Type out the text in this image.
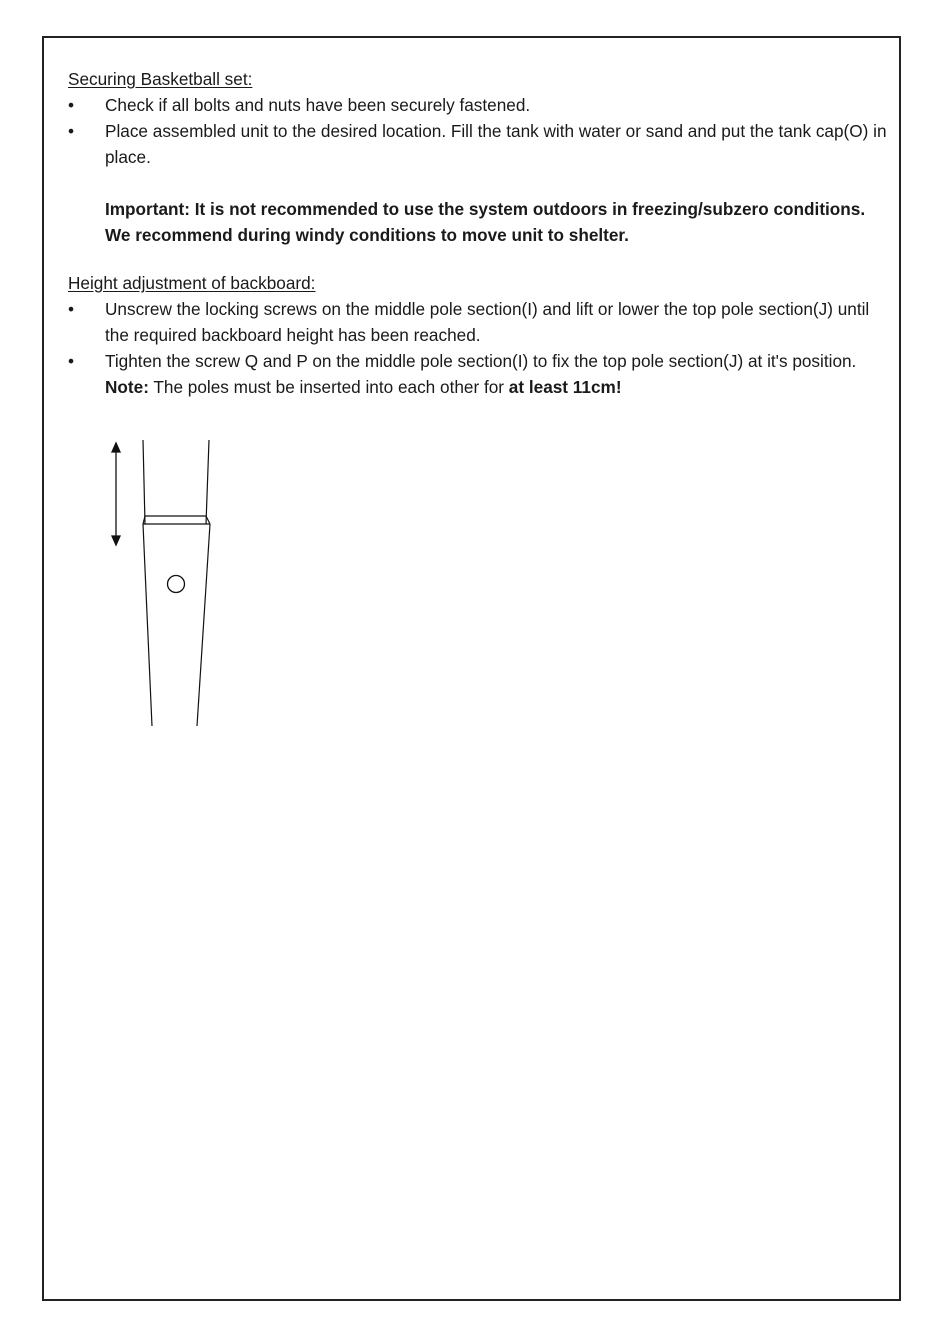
Securing Basketball set:

• Check if all bolts and nuts have been securely fastened.
• Place assembled unit to the desired location. Fill the tank with water or sand and put the tank cap(O) in place.

Important: It is not recommended to use the system outdoors in freezing/subzero conditions. We recommend during windy conditions to move unit to shelter.

Height adjustment of backboard:

• Unscrew the locking screws on the middle pole section(I) and lift or lower the top pole section(J) until the required backboard height has been reached.
• Tighten the screw Q and P on the middle pole section(I) to fix the top pole section(J) at it's position.
Note: The poles must be inserted into each other for at least 11cm!
